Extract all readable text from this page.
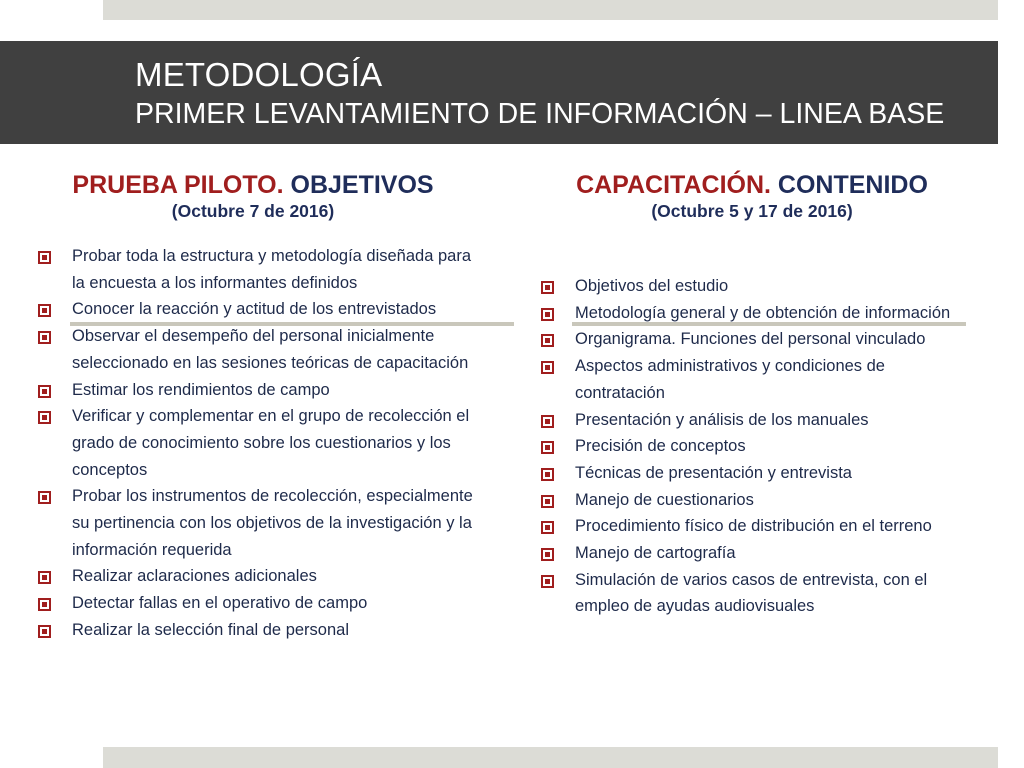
METODOLOGÍA
PRIMER LEVANTAMIENTO DE INFORMACIÓN – LINEA BASE
PRUEBA PILOTO. OBJETIVOS
(Octubre 7 de 2016)
CAPACITACIÓN. CONTENIDO
(Octubre 5 y 17 de 2016)
Probar toda la estructura y metodología diseñada para la encuesta a los informantes definidos
Conocer la reacción y actitud de los entrevistados
Observar el desempeño del personal inicialmente seleccionado en las sesiones teóricas de capacitación
Estimar los rendimientos de campo
Verificar y complementar en el grupo de recolección el grado de conocimiento sobre los cuestionarios y los conceptos
Probar los instrumentos de recolección, especialmente su pertinencia con los objetivos de la investigación y la información requerida
Realizar aclaraciones adicionales
Detectar fallas en el operativo de campo
Realizar la selección final de personal
Objetivos del estudio
Metodología general y de obtención de información
Organigrama. Funciones del personal vinculado
Aspectos administrativos y condiciones de contratación
Presentación y análisis de los manuales
Precisión de conceptos
Técnicas de presentación y entrevista
Manejo de cuestionarios
Procedimiento físico de distribución en el terreno
Manejo de cartografía
Simulación de varios casos de entrevista, con el empleo de ayudas audiovisuales
